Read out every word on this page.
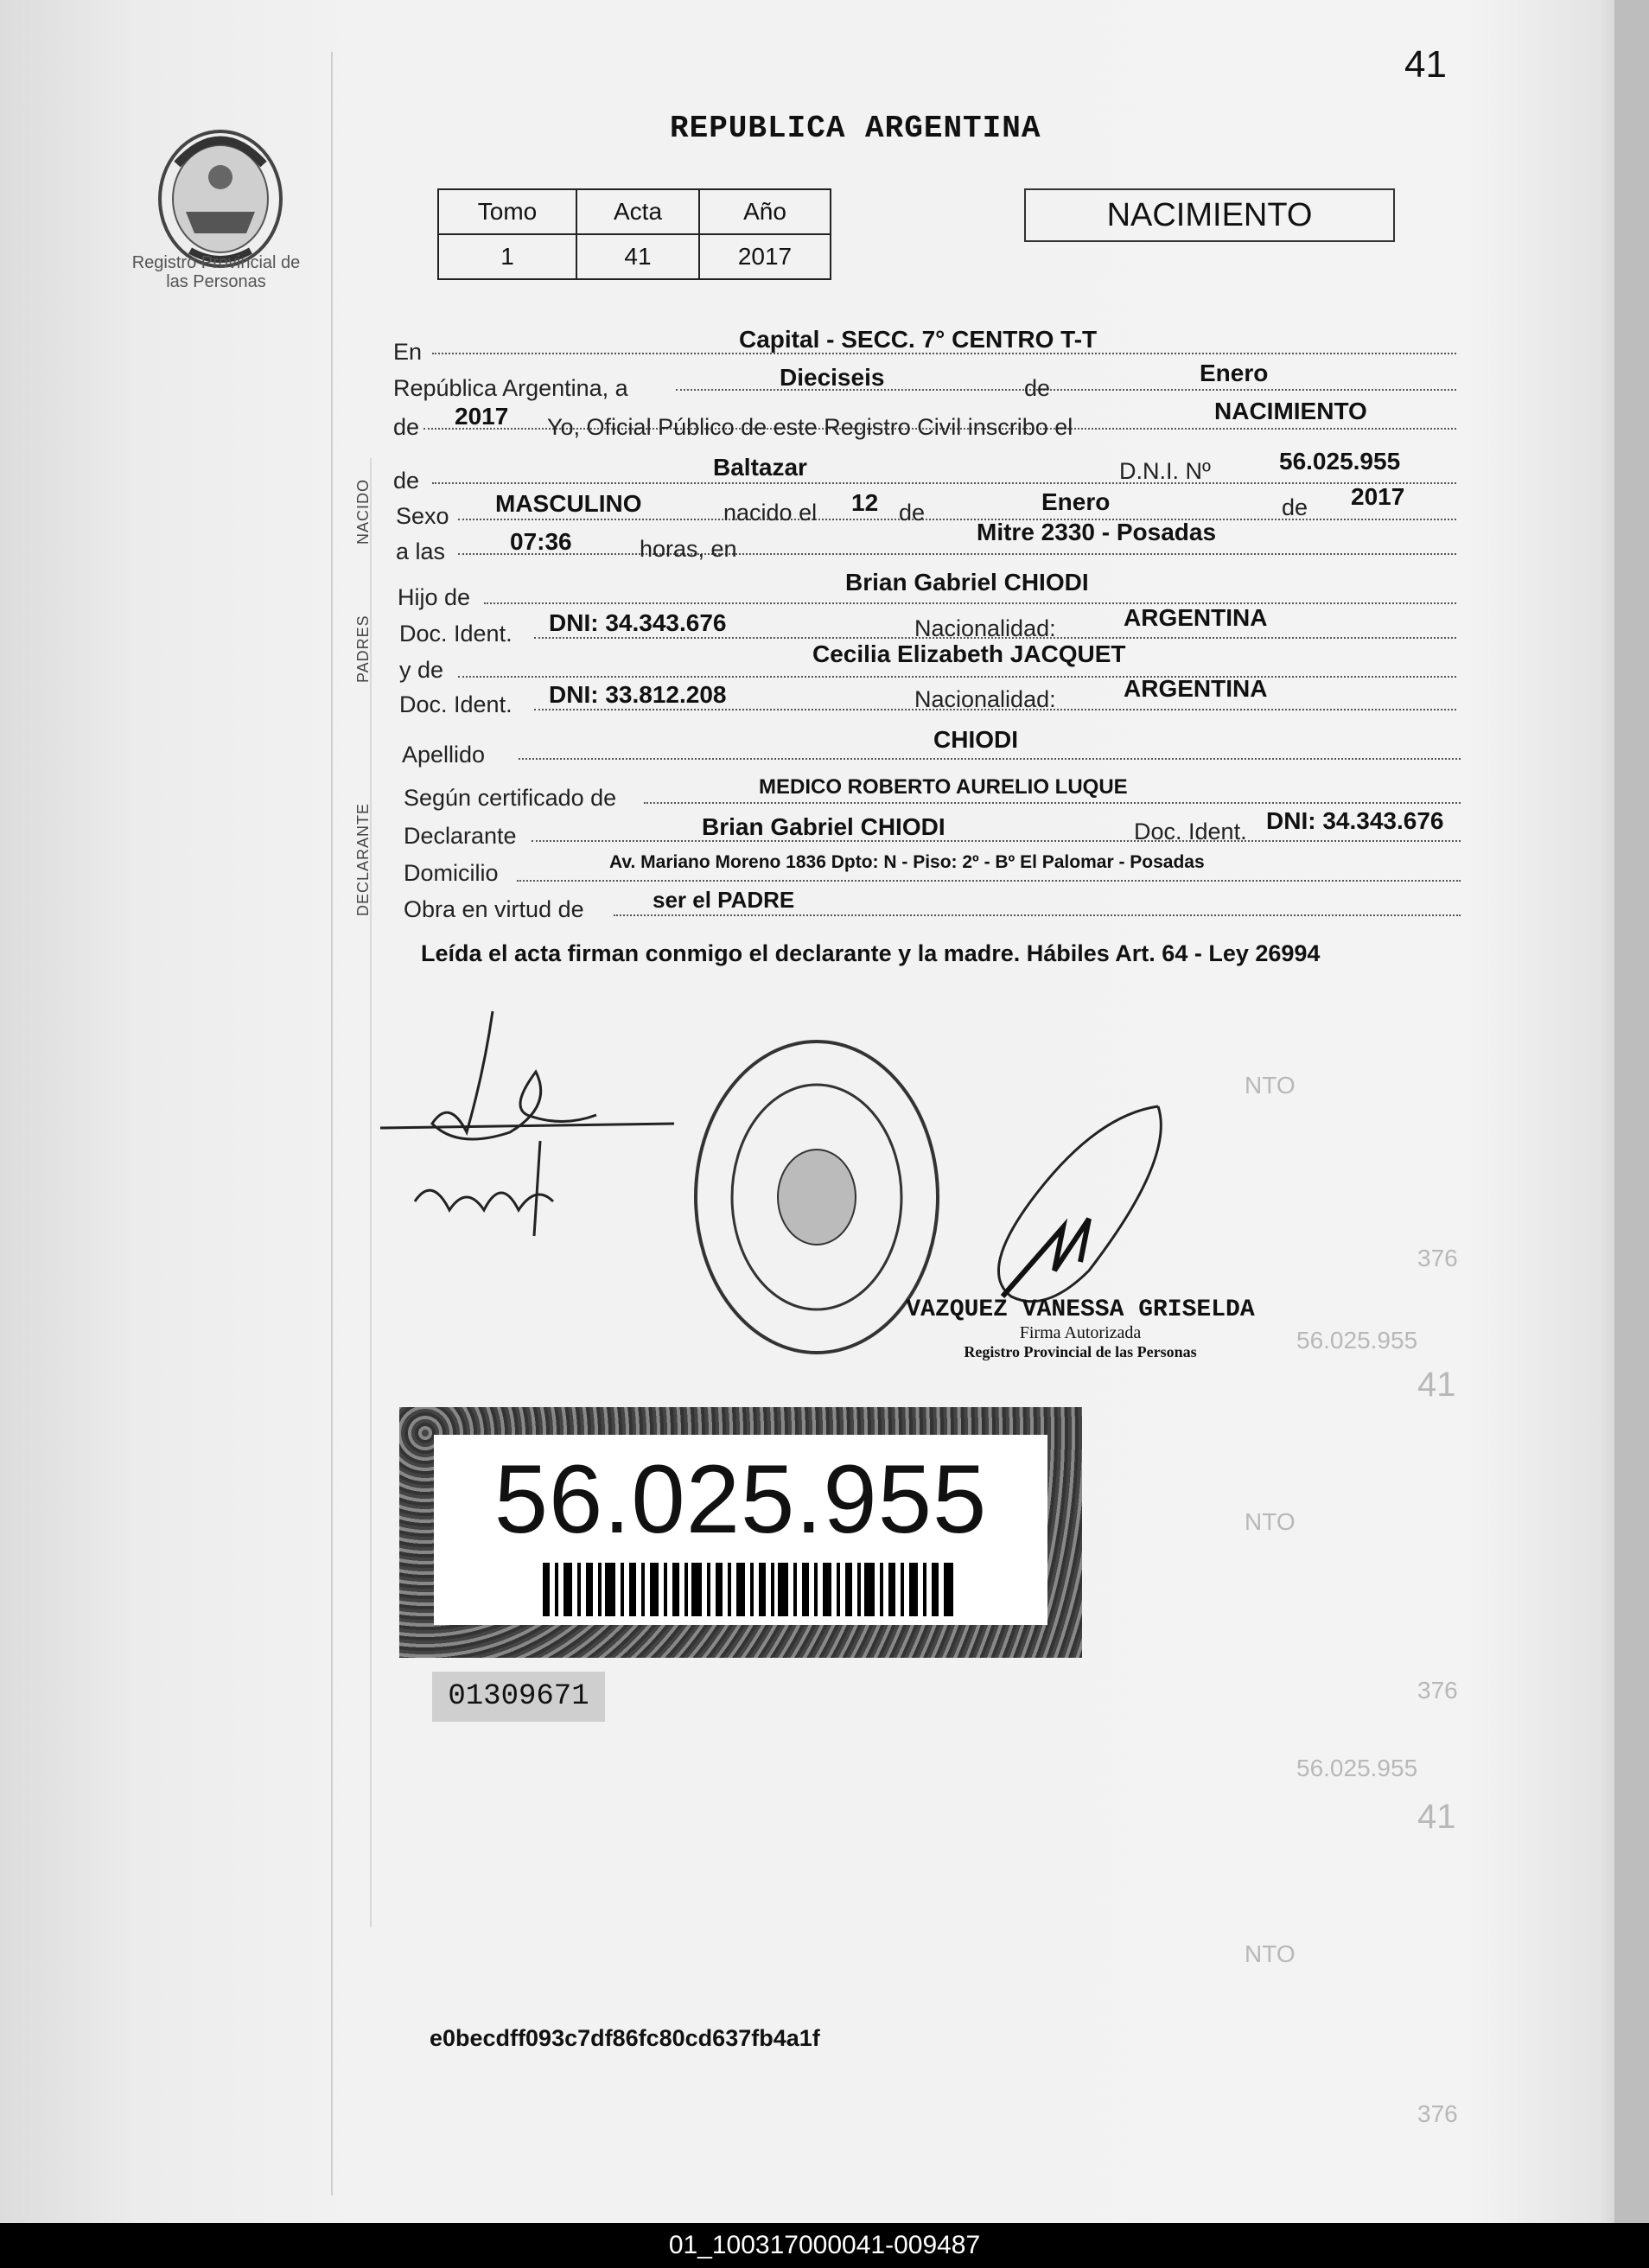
NTO
376
56.025.955
41
NTO
376
56.025.955
41
NTO
376
41
Registro Provincial de las Personas
REPUBLICA ARGENTINA
Tomo	Acta	Año
1	41	2017
NACIMIENTO
En	Capital - SECC. 7° CENTRO T-T
República Argentina, a	Dieciseis	de
Enero
de 2017 Yo, Oficial Público de este Registro Civil inscribo el
NACIMIENTO
NACIDO de	Baltazar	D.N.I. Nº	56.025.955
Sexo MASCULINO	nacido el 12 de	Enero	de 2017
a las	07:36	horas, en
Mitre 2330 - Posadas
PADRES
Hijo de
Brian Gabriel CHIODI
Doc. Ident. DNI: 34.343.676	Nacionalidad:	ARGENTINA
y de
Cecilia Elizabeth JACQUET
Doc. Ident. DNI: 33.812.208	Nacionalidad:	ARGENTINA
Apellido
CHIODI
DECLARANTE
Según certificado de	MEDICO ROBERTO AURELIO LUQUE
Declarante	Brian Gabriel CHIODI	Doc. Ident. DNI: 34.343.676
Domicilio	Av. Mariano Moreno 1836 Dpto: N - Piso: 2º - Bº El Palomar - Posadas
Obra en virtud de	ser el PADRE
Leída el acta firman conmigo el declarante y la madre. Hábiles Art. 64 - Ley 26994
VAZQUEZ VANESSA GRISELDA
Firma Autorizada
Registro Provincial de las Personas
56.025.955
01309671
e0becdff093c7df86fc80cd637fb4a1f
01_100317000041-009487
